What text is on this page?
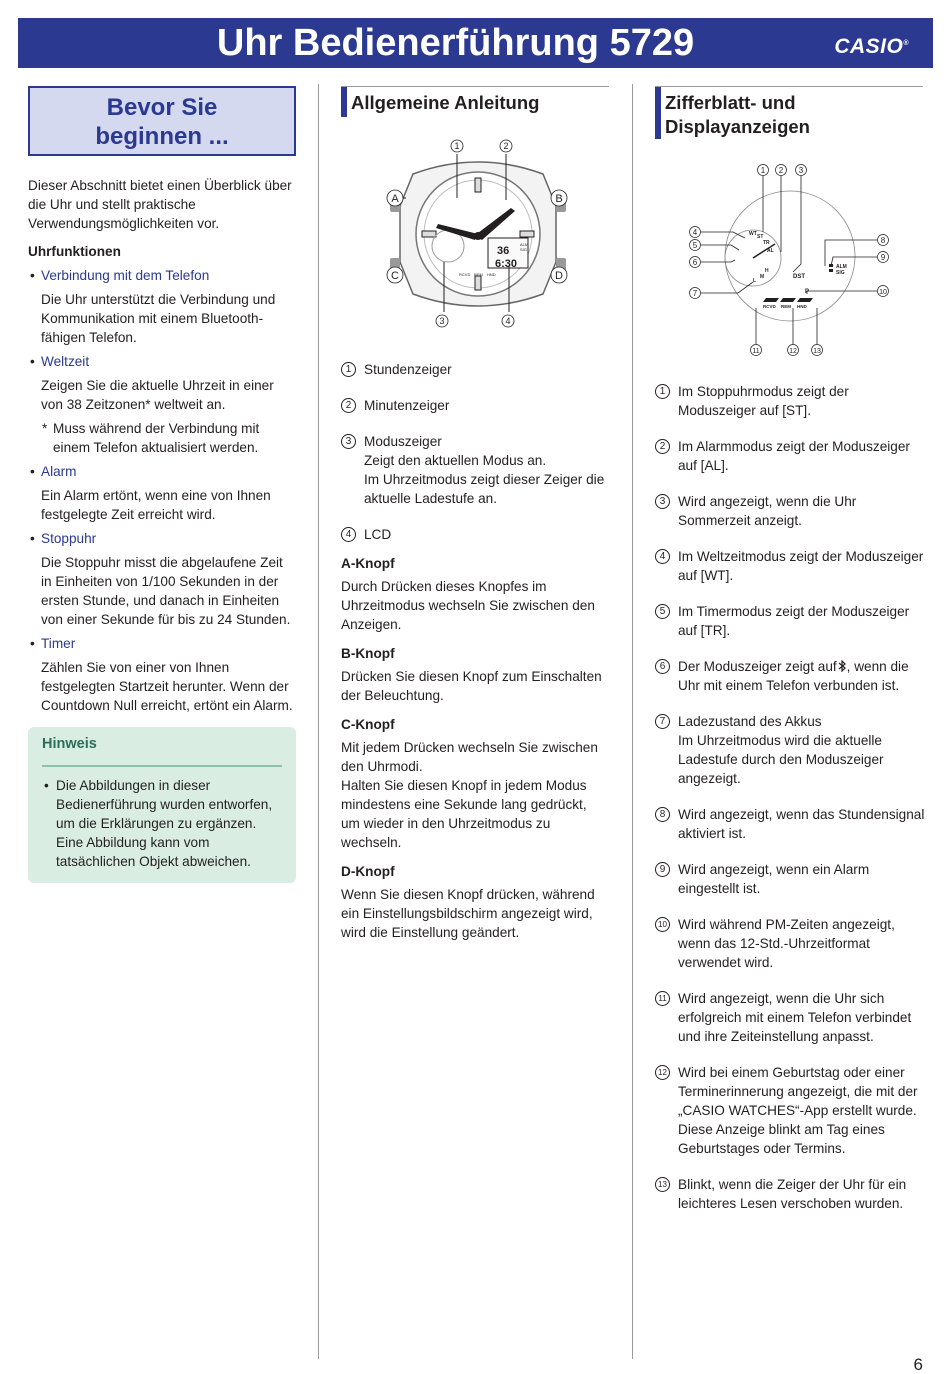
Uhr Bedienerführung 5729	CASIO®
Bevor Sie
beginnen ...
Dieser Abschnitt bietet einen Überblick über die Uhr und stellt praktische Verwendungsmöglichkeiten vor.
Uhrfunktionen
• Verbindung mit dem Telefon
Die Uhr unterstützt die Verbindung und Kommunikation mit einem Bluetooth-fähigen Telefon.
• Weltzeit
Zeigen Sie die aktuelle Uhrzeit in einer von 38 Zeitzonen* weltweit an.
* Muss während der Verbindung mit einem Telefon aktualisiert werden.
• Alarm
Ein Alarm ertönt, wenn eine von Ihnen festgelegte Zeit erreicht wird.
• Stoppuhr
Die Stoppuhr misst die abgelaufene Zeit in Einheiten von 1/100 Sekunden in der ersten Stunde, und danach in Einheiten von einer Sekunde für bis zu 24 Stunden.
• Timer
Zählen Sie von einer von Ihnen festgelegten Startzeit herunter. Wenn der Countdown Null erreicht, ertönt ein Alarm.
Hinweis
• Die Abbildungen in dieser Bedienerführung wurden entworfen, um die Erklärungen zu ergänzen. Eine Abbildung kann vom tatsächlichen Objekt abweichen.
Allgemeine Anleitung
36
6:30
ALM
SIG
RCVD REM HND
1	2
3	4
A	B
C	D
1 Stundenzeiger
2 Minutenzeiger
3 Moduszeiger
Zeigt den aktuellen Modus an.
Im Uhrzeitmodus zeigt dieser Zeiger die aktuelle Ladestufe an.
4 LCD
A-Knopf
Durch Drücken dieses Knopfes im Uhrzeitmodus wechseln Sie zwischen den Anzeigen.
B-Knopf
Drücken Sie diesen Knopf zum Einschalten der Beleuchtung.
C-Knopf
Mit jedem Drücken wechseln Sie zwischen den Uhrmodi.
Halten Sie diesen Knopf in jedem Modus mindestens eine Sekunde lang gedrückt, um wieder in den Uhrzeitmodus zu wechseln.
D-Knopf
Wenn Sie diesen Knopf drücken, während ein Einstellungsbildschirm angezeigt wird, wird die Einstellung geändert.
Zifferblatt- und
Displayanzeigen
WT ST
TR
AL
L
M
H
DST
ALM
SIG
P
RCVD REM HND
1 2 3
4
5
6
7
8
9
10
11	12 13
1 Im Stoppuhrmodus zeigt der Moduszeiger auf [ST].
2 Im Alarmmodus zeigt der Moduszeiger auf [AL].
3 Wird angezeigt, wenn die Uhr Sommerzeit anzeigt.
4 Im Weltzeitmodus zeigt der Moduszeiger auf [WT].
5 Im Timermodus zeigt der Moduszeiger auf [TR].
6 Der Moduszeiger zeigt auf , wenn die Uhr mit einem Telefon verbunden ist.
7 Ladezustand des Akkus
Im Uhrzeitmodus wird die aktuelle Ladestufe durch den Moduszeiger angezeigt.
8 Wird angezeigt, wenn das Stundensignal aktiviert ist.
9 Wird angezeigt, wenn ein Alarm eingestellt ist.
10 Wird während PM-Zeiten angezeigt, wenn das 12-Std.-Uhrzeitformat verwendet wird.
11 Wird angezeigt, wenn die Uhr sich erfolgreich mit einem Telefon verbindet und ihre Zeiteinstellung anpasst.
12 Wird bei einem Geburtstag oder einer Terminerinnerung angezeigt, die mit der „CASIO WATCHES“-App erstellt wurde. Diese Anzeige blinkt am Tag eines Geburtstages oder Termins.
13 Blinkt, wenn die Zeiger der Uhr für ein leichteres Lesen verschoben wurden.
6
